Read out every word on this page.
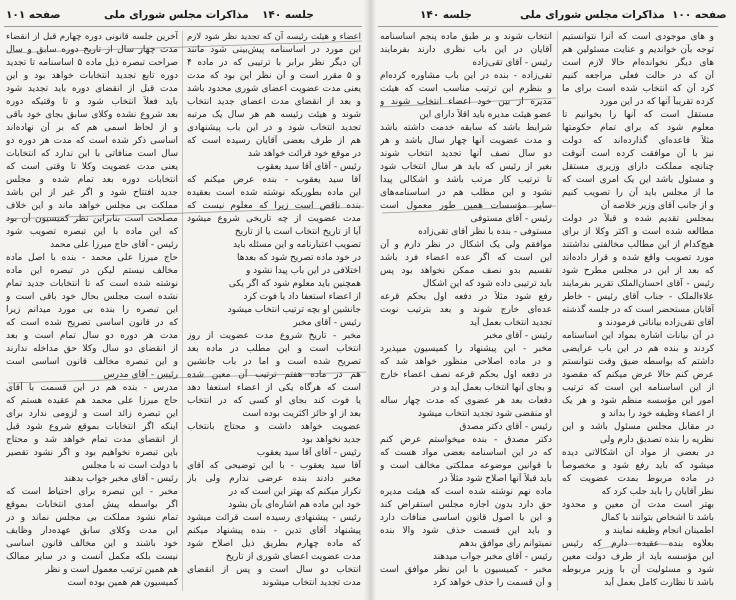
صفحه ۱۰۱	مذاکرات مجلس شورای ملی جلسه ۱۴۰
آخرین جلسه قانونی دوره چهارم قبل از انقضاء
مدت چهار سال از تاریخ دوره سابق و سال
صراحت تبصره ذیل ماده ۵ اساسنامه تا تجدید
دوره تابع تجدید انتخابات خواهد بود و این
مدت قبل از انقضای دوره باید تجدید شود
باید فعلاً انتخاب شود و تا وقتیکه دوره
بعد شروع نشده وکلای سابق بجای خود باقی
و از لحاظ اسمی هم که بر آن نهاده‌اند
اساسی ذکر شده است که مدت هر دوره دو
سال است منافاتی با این ندارد که انتخابات
یعنی مدت عضویت وکلا تا وقتی است که
انتخابات دوره بعد تمام شده و مجلس
جدید افتتاح شود و اگر غیر از این باشد
مملکت بی مجلس خواهد ماند و این خلاف
مصلحت است بنابراین نظر کمیسیون آن بود
که این ماده با این تبصره تصویب شود
رئیس - آقای حاج میرزا علی محمد
حاج میرزا علی محمد - بنده با اصل ماده
مخالف نیستم لیکن در تبصره این ماده
نوشته شده است که تا انتخابات جدید تمام
نشده است مجلس بحال خود باقی است و
این تبصره را بنده بی مورد میدانم زیرا
که در قانون اساسی تصریح شده است که
مدت هر دوره دو سال تمام است و بعد
از انقضای دو سال وکلا حق مداخله ندارند
و این تبصره مخالف قانون اساسی است
رئیس - آقای مدرس
مدرس - بنده هم در این قسمت با آقای
حاج میرزا علی محمد هم عقیده هستم که
این تبصره زائد است و لزومی ندارد برای
اینکه اگر انتخابات بموقع شروع شود قبل
از انقضای مدت تمام خواهد شد و محتاج
باین تبصره نخواهیم بود و اگر نشود تقصیر
با دولت است نه با مجلس
رئیس - آقای مخبر جواب بدهند
مخبر - این تبصره برای احتیاط است که
اگر بواسطه پیش آمدی انتخابات بموقع
تمام نشود مملکت بی مجلس نماند و در
این مدت وکلای سابق عهده‌دار وظایف
خود باشند و این مخالف قانون اساسی
نیست بلکه مکمل آنست و در سایر ممالک
هم همین ترتیب معمول است و نظر
کمیسیون هم همین بوده است
اعضاء و هیئت رئیسه آن که تجدید نظر شود لازم
این مورد در اساسنامه پیش‌بینی شود مانند
آن دیگر نظر برابر با ترتیبی که در ماده ۴
و ۵ مقرر است و آن نظر این بود که مدت
یعنی مدت عضویت اعضای شوری محدود باشد
و بعد از انقضای مدت اعضای جدید انتخاب
شوند و هیئت رئیسه هم هر سال یک مرتبه
تجدید انتخاب شود و در این باب پیشنهادی
هم از طرف بعضی آقایان رسیده است که
در موقع خود قرائت خواهد شد
رئیس - آقای آقا سید یعقوب
آقا سید یعقوب - بنده عرض میکنم که
این ماده بطوریکه نوشته شده است بعقیده
بنده ناقص است زیرا که معلوم نیست که
مدت عضویت از چه تاریخی شروع میشود
آیا از تاریخ انتخاب است یا از تاریخ
تصویب اعتبارنامه و این مسئله باید
در خود ماده تصریح شود که بعدها
اختلافی در این باب پیدا نشود و
همچنین باید معلوم شود که اگر یکی
از اعضاء استعفا داد یا فوت کرد
جانشین او بچه ترتیب انتخاب میشود
رئیس - آقای مخبر
مخبر - تاریخ شروع مدت عضویت از روز
انتخاب است و این مطلب در ماده بعد
تصریح شده است و اما در باب جانشین
هم در ماده هفتم ترتیب آن معین شده
است که هرگاه یکی از اعضاء استعفا دهد
یا فوت کند بجای او کسی که در انتخاب
بعد از او حائز اکثریت بوده است
عضویت خواهد داشت و محتاج بانتخاب
جدید نخواهد بود
رئیس - آقای آقا سید یعقوب
آقا سید یعقوب - با این توضیحی که آقای
مخبر دادند بنده عرضی ندارم ولی باز
تکرار میکنم که بهتر این است که در
خود این ماده هم اشاره‌ای بآن بشود
رئیس - پیشنهادی رسیده است قرائت میشود
پیشنهاد آقای تدین - بنده پیشنهاد میکنم
که ماده چهارم بطریق ذیل اصلاح شود
مدت عضویت اعضای شوری از تاریخ
انتخاب دو سال است و پس از انقضای
مدت تجدید انتخاب میشوند
جلسه ۱۴۰	مذاکرات مجلس شورای ملی صفحه ۱۰۰
انتخاب شوند و بر طبق ماده پنجم اساسنامه
آقایان در این باب نظری دارند بفرمایند
رئیس - آقای تقی‌زاده
تقی‌زاده - بنده در این باب مشاوره کرده‌ام
و بنظرم این ترتیب مناسب است که هیئت
مدیره از بین خود اعضاء انتخاب شوند و
عضو هیئت مدیره باید اقلاً دارای این
شرایط باشد که سابقه خدمت داشته باشد
و مدت عضویت آنها چهار سال باشد و هر
دو سال نصف آنها تجدید انتخاب شوند
بغیر از رئیس که باید هر سال انتخاب شود
تا ترتیب کار مرتب باشد و اشکالی پیدا
نشود و این مطلب هم در اساسنامه‌های
سایر مؤسسات همین طور معمول است
رئیس - آقای مستوفی
مستوفی - بنده با نظر آقای تقی‌زاده
موافقم ولی یک اشکال در نظر دارم و آن
این است که اگر عده اعضاء فرد باشد
تقسیم بدو نصف ممکن نخواهد بود پس
باید ترتیبی داده شود که این اشکال
رفع شود مثلاً در دفعه اول بحکم قرعه
عده‌ای خارج شوند و بعد بترتیب نوبت
تجدید انتخاب بعمل آید
رئیس - آقای مخبر
مخبر - این پیشنهاد را کمیسیون میپذیرد
و در ماده اصلاحی منظور خواهد شد که
در دفعه اول بحکم قرعه نصف اعضاء خارج
و بجای آنها انتخاب بعمل آید و در
دفعات بعد هر عضوی که مدت چهار ساله
او منقضی شود تجدید انتخاب میشود
رئیس - آقای دکتر مصدق
دکتر مصدق - بنده میخواستم عرض کنم
که در این اساسنامه بعضی مواد هست که
با قوانین موضوعه مملکتی مخالف است و
باید قبلاً آنها اصلاح شود مثلاً در
ماده نهم نوشته شده است که هیئت مدیره
حق دارد بدون اجازه مجلس استقراض کند
و این با اصول قانون اساسی منافات دارد
و باید این قسمت حذف شود والا بنده
نمیتوانم رأی موافق بدهم
رئیس - آقای مخبر جواب میدهند
مخبر - کمیسیون با این نظر موافق است
و آن قسمت را حذف خواهد کرد
و های موجودی است که آنرا نتوانستیم
توجه بآن خواندیم و عنایت مسئولین هم
های دیگر نخوانده‌ام حالا لازم است
آن که در حالت فعلی مراجعه کنیم
کرد آن که انتخاب شده است برای ما
کرده تقریباً آنها که در این مورد
مستقل است که آنها را بخوانیم تا
معلوم شود که برای تمام حکومتها
مثلاً قاعده‌ای گذارده‌اند که دولت
نیز با آن موافقت کرده است آنوقت
چنانچه مملکت دارای وزیری مستقل
و مسئول باشد این یک امری است که
ما از مجلس باید آن را تصویب کنیم
و از جانب آقای وزیر خلاصه آن
بمجلس تقدیم شده و قبلاً در دولت
مطالعه شده است و اکثر وکلا از برای
هیچ‌کدام از این مطالب مخالفتی نداشتند
مورد تصویب واقع شده و قرار داده‌اند
که بعد از این در مجلس مطرح شود
رئیس - آقای احسان‌الملک تقریر بفرمایند
علاءالملک - جناب آقای رئیس - خاطر
آقایان مستحضر است که در جلسه گذشته
آقای تقی‌زاده بیاناتی فرمودند و
در آن بیانات اشاره بمواد این اساسنامه
کردند و بنده هم در این باب عرایضی
داشتم که بواسطه ضیق وقت نتوانستم
عرض کنم حالا عرض میکنم که مقصود
از این اساسنامه این است که ترتیب
امور این مؤسسه منظم شود و هر یک
از اعضاء وظیفه خود را بداند و
در مقابل مجلس مسئول باشد و این
نظریه را بنده تصدیق دارم ولی
در بعضی از مواد آن اشکالاتی دیده
میشود که باید رفع شود و مخصوصاً
در ماده مربوط بمدت عضویت که
نظر آقایان را باید جلب کرد که
بهتر است مدت آن معین و محدود
باشد تا اشخاص بتوانند با کمال
اطمینان انجام وظیفه نمایند و
بعلاوه بنده عقیده دارم که رئیس
این مؤسسه باید از طرف دولت معین
شود و مسئولیت آن با وزیر مربوطه
باشد تا نظارت کامل بعمل آید
